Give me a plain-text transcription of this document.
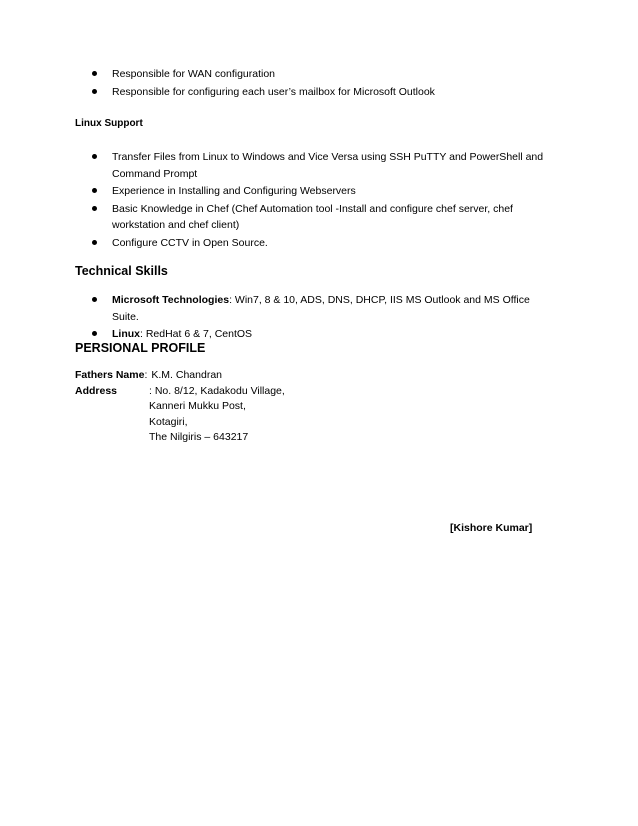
Responsible for WAN configuration
Responsible for configuring each user’s mailbox for Microsoft Outlook
Linux Support
Transfer Files from Linux to Windows and Vice Versa using SSH PuTTY and PowerShell and Command Prompt
Experience in Installing and Configuring Webservers
Basic Knowledge in Chef (Chef Automation tool -Install and configure chef server, chef workstation and chef client)
Configure CCTV in Open Source.
Technical Skills
Microsoft Technologies: Win7, 8 & 10, ADS, DNS, DHCP, IIS MS Outlook and MS Office Suite.
Linux: RedHat 6 & 7, CentOS
PERSIONAL PROFILE
Fathers Name : K.M. Chandran
Address	: No. 8/12, Kadakodu Village,
Kanneri Mukku Post,
Kotagiri,
The Nilgiris – 643217
[Kishore Kumar]
